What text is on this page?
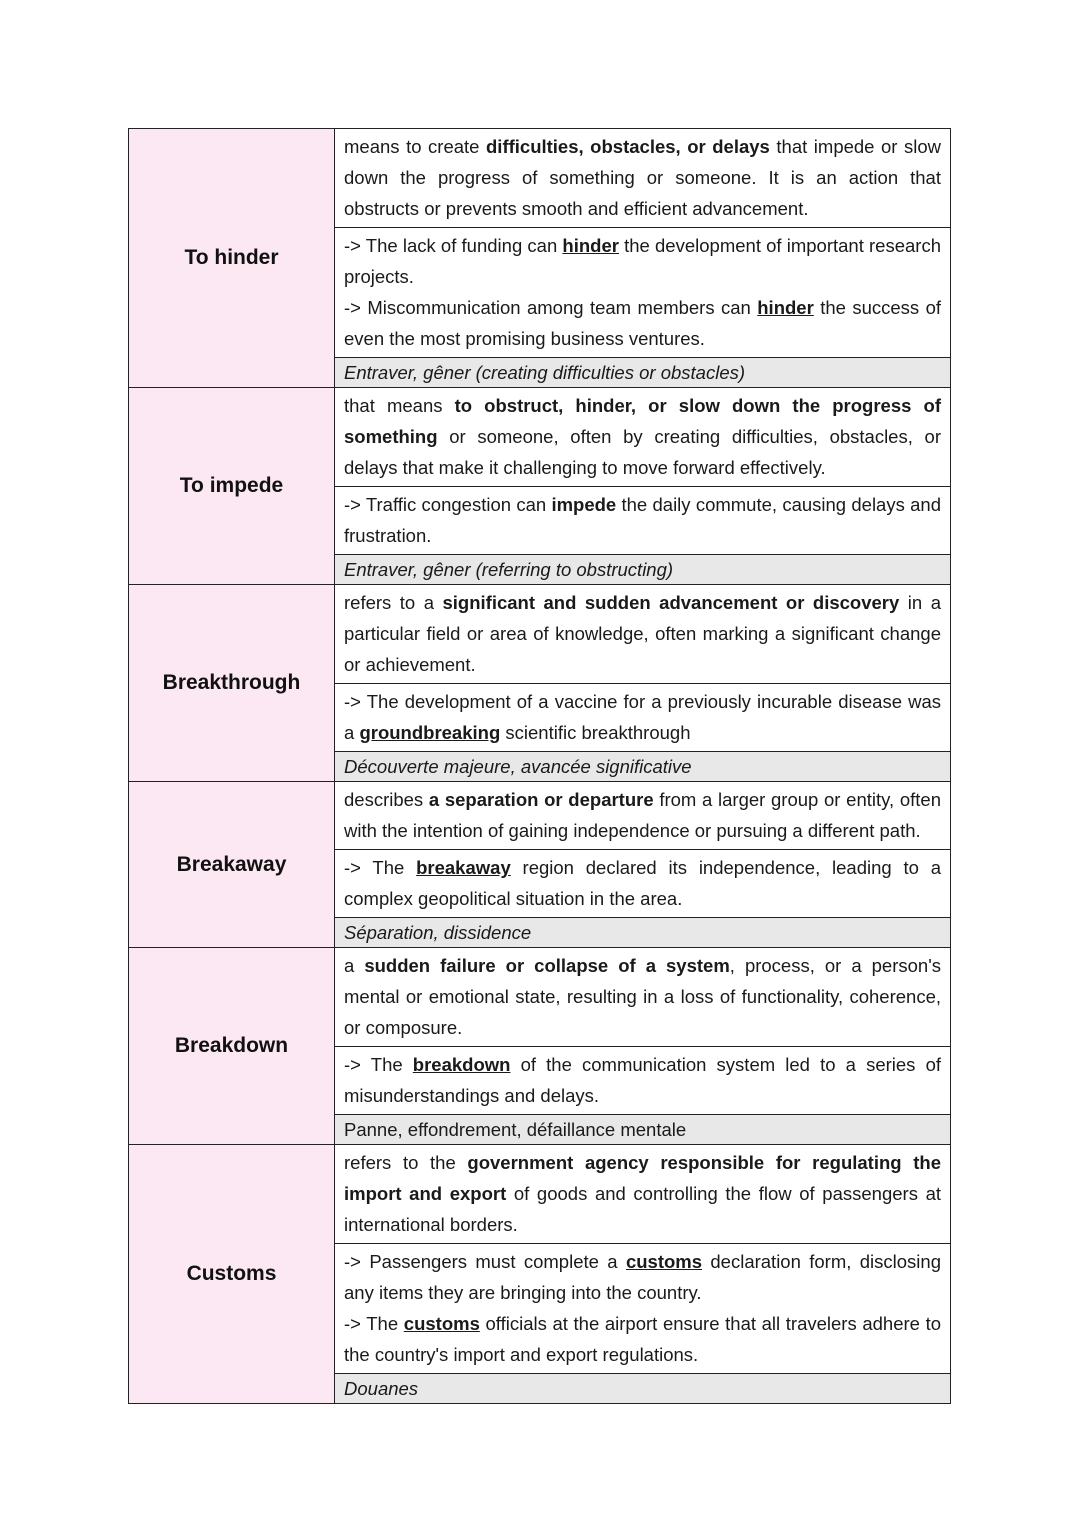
To hinder	means to create difficulties, obstacles, or delays that impede or slow down the progress of something or someone. It is an action that obstructs or prevents smooth and efficient advancement.
-> The lack of funding can hinder the development of important research projects.
-> Miscommunication among team members can hinder the success of even the most promising business ventures.
Entraver, gêner (creating difficulties or obstacles)

To impede	that means to obstruct, hinder, or slow down the progress of something or someone, often by creating difficulties, obstacles, or delays that make it challenging to move forward effectively.
-> Traffic congestion can impede the daily commute, causing delays and frustration.
Entraver, gêner (referring to obstructing)

Breakthrough	refers to a significant and sudden advancement or discovery in a particular field or area of knowledge, often marking a significant change or achievement.
-> The development of a vaccine for a previously incurable disease was a groundbreaking scientific breakthrough
Découverte majeure, avancée significative

Breakaway	describes a separation or departure from a larger group or entity, often with the intention of gaining independence or pursuing a different path.
-> The breakaway region declared its independence, leading to a complex geopolitical situation in the area.
Séparation, dissidence

Breakdown	a sudden failure or collapse of a system, process, or a person's mental or emotional state, resulting in a loss of functionality, coherence, or composure.
-> The breakdown of the communication system led to a series of misunderstandings and delays.
Panne, effondrement, défaillance mentale

Customs	refers to the government agency responsible for regulating the import and export of goods and controlling the flow of passengers at international borders.
-> Passengers must complete a customs declaration form, disclosing any items they are bringing into the country.
-> The customs officials at the airport ensure that all travelers adhere to the country's import and export regulations.
Douanes
